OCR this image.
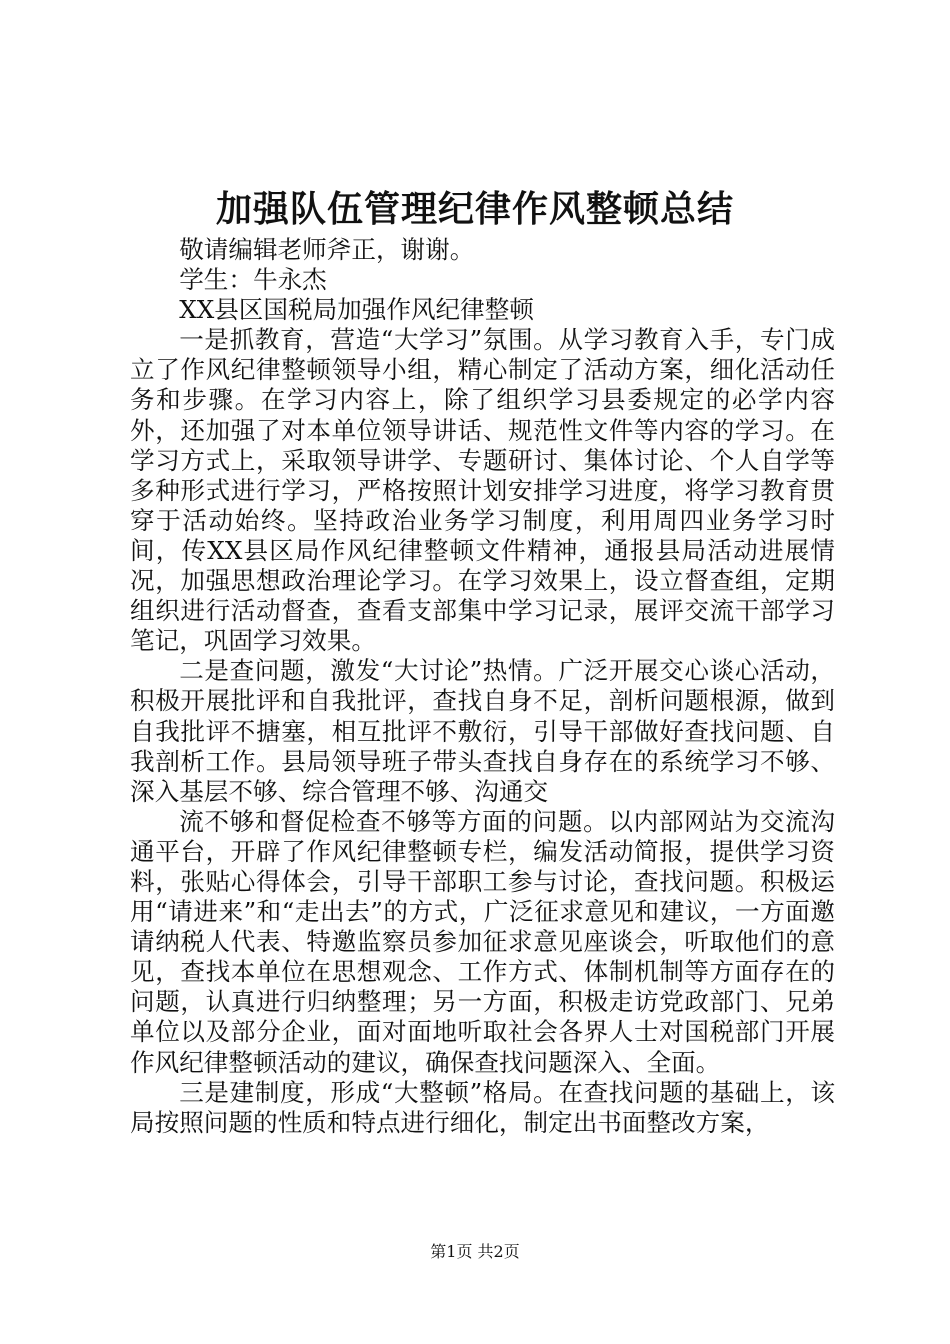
加强队伍管理纪律作风整顿总结

敬请编辑老师斧正，谢谢。

学生：牛永杰

XX县区国税局加强作风纪律整顿

一是抓教育，营造“大学习”氛围。从学习教育入手，专门成立了作风纪律整顿领导小组，精心制定了活动方案，细化活动任务和步骤。在学习内容上，除了组织学习县委规定的必学内容外，还加强了对本单位领导讲话、规范性文件等内容的学习。在学习方式上，采取领导讲学、专题研讨、集体讨论、个人自学等多种形式进行学习，严格按照计划安排学习进度，将学习教育贯穿于活动始终。坚持政治业务学习制度，利用周四业务学习时间，传XX县区局作风纪律整顿文件精神，通报县局活动进展情况，加强思想政治理论学习。在学习效果上，设立督查组，定期组织进行活动督查，查看支部集中学习记录，展评交流干部学习笔记，巩固学习效果。

二是查问题，激发“大讨论”热情。广泛开展交心谈心活动，积极开展批评和自我批评，查找自身不足，剖析问题根源，做到自我批评不搪塞，相互批评不敷衍，引导干部做好查找问题、自我剖析工作。县局领导班子带头查找自身存在的系统学习不够、深入基层不够、综合管理不够、沟通交

流不够和督促检查不够等方面的问题。以内部网站为交流沟通平台，开辟了作风纪律整顿专栏，编发活动简报，提供学习资料，张贴心得体会，引导干部职工参与讨论，查找问题。积极运用“请进来”和“走出去”的方式，广泛征求意见和建议，一方面邀请纳税人代表、特邀监察员参加征求意见座谈会，听取他们的意见，查找本单位在思想观念、工作方式、体制机制等方面存在的问题，认真进行归纳整理；另一方面，积极走访党政部门、兄弟单位以及部分企业，面对面地听取社会各界人士对国税部门开展作风纪律整顿活动的建议，确保查找问题深入、全面。

三是建制度，形成“大整顿”格局。在查找问题的基础上，该局按照问题的性质和特点进行细化，制定出书面整改方案，

第1页 共2页
